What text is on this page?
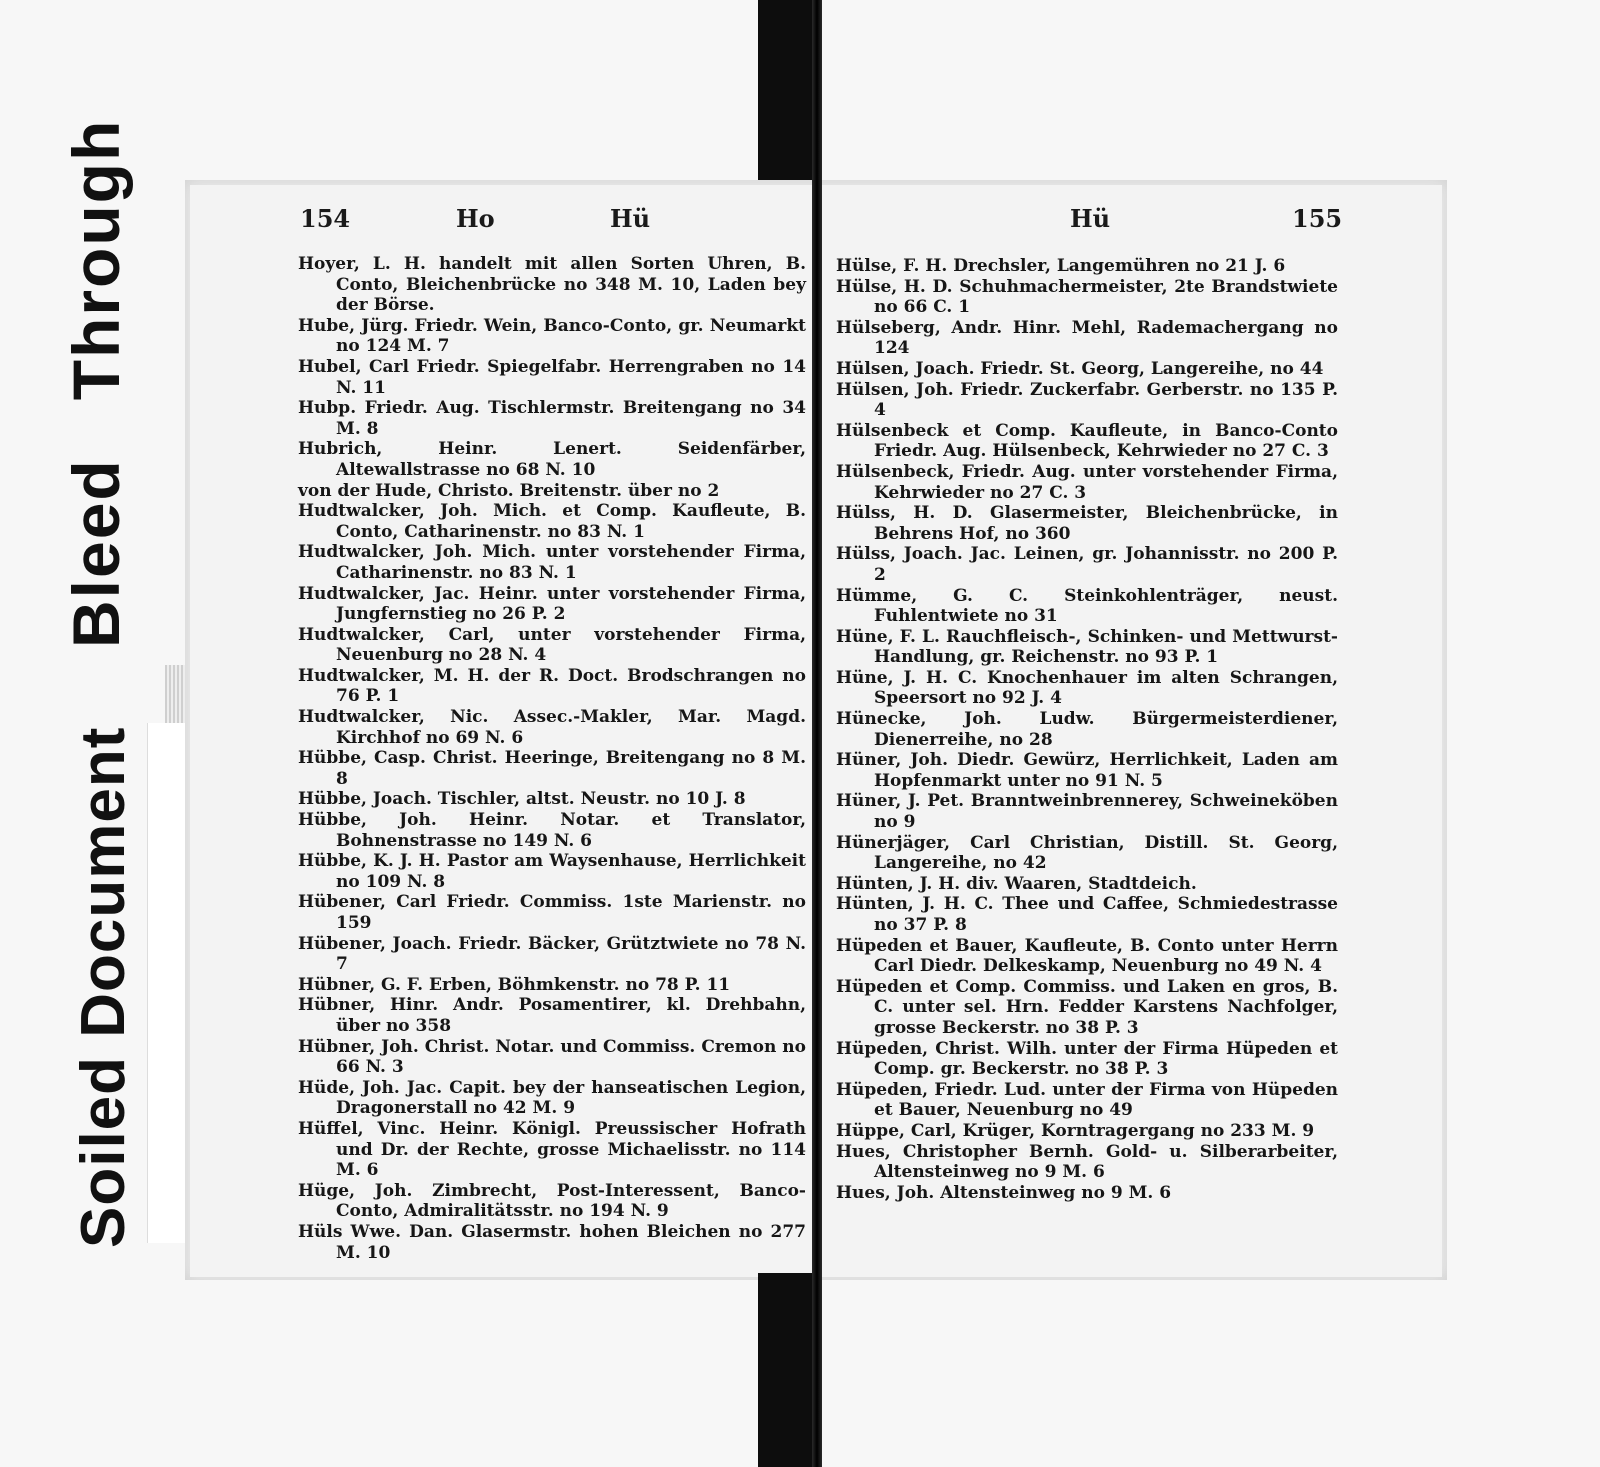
Soiled Document
BleedThrough	154	Ho	Hü	Hü	155
Hoyer, L. H. handelt mit allen Sorten Uhren, B. Conto, Bleichenbrücke no 348 M. 10, Laden bey der Börse.
Hube, Jürg. Friedr. Wein, Banco-Conto, gr. Neumarkt no 124 M. 7
Hubel, Carl Friedr. Spiegelfabr. Herrengraben no 14 N. 11
Hubp. Friedr. Aug. Tischlermstr. Breitengang no 34 M. 8
Hubrich, Heinr. Lenert. Seidenfärber, Altewallstrasse no 68 N. 10
von der Hude, Christo. Breitenstr. über no 2
Hudtwalcker, Joh. Mich. et Comp. Kaufleute, B. Conto, Catharinenstr. no 83 N. 1
Hudtwalcker, Joh. Mich. unter vorstehender Firma, Catharinenstr. no 83 N. 1
Hudtwalcker, Jac. Heinr. unter vorstehender Firma, Jungfernstieg no 26 P. 2
Hudtwalcker, Carl, unter vorstehender Firma, Neuenburg no 28 N. 4
Hudtwalcker, M. H. der R. Doct. Brodschrangen no 76 P. 1
Hudtwalcker, Nic. Assec.-Makler, Mar. Magd. Kirchhof no 69 N. 6
Hübbe, Casp. Christ. Heeringe, Breitengang no 8 M. 8
Hübbe, Joach. Tischler, altst. Neustr. no 10 J. 8
Hübbe, Joh. Heinr. Notar. et Translator, Bohnenstrasse no 149 N. 6
Hübbe, K. J. H. Pastor am Waysenhause, Herrlichkeit no 109 N. 8
Hübener, Carl Friedr. Commiss. 1ste Marienstr. no 159
Hübener, Joach. Friedr. Bäcker, Grütztwiete no 78 N. 7
Hübner, G. F. Erben, Böhmkenstr. no 78 P. 11
Hübner, Hinr. Andr. Posamentirer, kl. Drehbahn, über no 358
Hübner, Joh. Christ. Notar. und Commiss. Cremon no 66 N. 3
Hüde, Joh. Jac. Capit. bey der hanseatischen Legion, Dragonerstall no 42 M. 9
Hüffel, Vinc. Heinr. Königl. Preussischer Hofrath und Dr. der Rechte, grosse Michaelisstr. no 114 M. 6
Hüge, Joh. Zimbrecht, Post-Interessent, Banco-Conto, Admiralitätsstr. no 194 N. 9
Hüls Wwe. Dan. Glasermstr. hohen Bleichen no 277 M. 10
Hülse, F. H. Drechsler, Langemühren no 21 J. 6
Hülse, H. D. Schuhmachermeister, 2te Brandstwiete no 66 C. 1
Hülseberg, Andr. Hinr. Mehl, Rademachergang no 124
Hülsen, Joach. Friedr. St. Georg, Langereihe, no 44
Hülsen, Joh. Friedr. Zuckerfabr. Gerberstr. no 135 P. 4
Hülsenbeck et Comp. Kaufleute, in Banco-Conto Friedr. Aug. Hülsenbeck, Kehrwieder no 27 C. 3
Hülsenbeck, Friedr. Aug. unter vorstehender Firma, Kehrwieder no 27 C. 3
Hülss, H. D. Glasermeister, Bleichenbrücke, in Behrens Hof, no 360
Hülss, Joach. Jac. Leinen, gr. Johannisstr. no 200 P. 2
Hümme, G. C. Steinkohlenträger, neust. Fuhlentwiete no 31
Hüne, F. L. Rauchfleisch-, Schinken- und Mettwurst-Handlung, gr. Reichenstr. no 93 P. 1
Hüne, J. H. C. Knochenhauer im alten Schrangen, Speersort no 92 J. 4
Hünecke, Joh. Ludw. Bürgermeisterdiener, Dienerreihe, no 28
Hüner, Joh. Diedr. Gewürz, Herrlichkeit, Laden am Hopfenmarkt unter no 91 N. 5
Hüner, J. Pet. Branntweinbrennerey, Schweineköben no 9
Hünerjäger, Carl Christian, Distill. St. Georg, Langereihe, no 42
Hünten, J. H. div. Waaren, Stadtdeich.
Hünten, J. H. C. Thee und Caffee, Schmiedestrasse no 37 P. 8
Hüpeden et Bauer, Kaufleute, B. Conto unter Herrn Carl Diedr. Delkeskamp, Neuenburg no 49 N. 4
Hüpeden et Comp. Commiss. und Laken en gros, B. C. unter sel. Hrn. Fedder Karstens Nachfolger, grosse Beckerstr. no 38 P. 3
Hüpeden, Christ. Wilh. unter der Firma Hüpeden et Comp. gr. Beckerstr. no 38 P. 3
Hüpeden, Friedr. Lud. unter der Firma von Hüpeden et Bauer, Neuenburg no 49
Hüppe, Carl, Krüger, Korntragergang no 233 M. 9
Hues, Christopher Bernh. Gold- u. Silberarbeiter, Altensteinweg no 9 M. 6
Hues, Joh. Altensteinweg no 9 M. 6
